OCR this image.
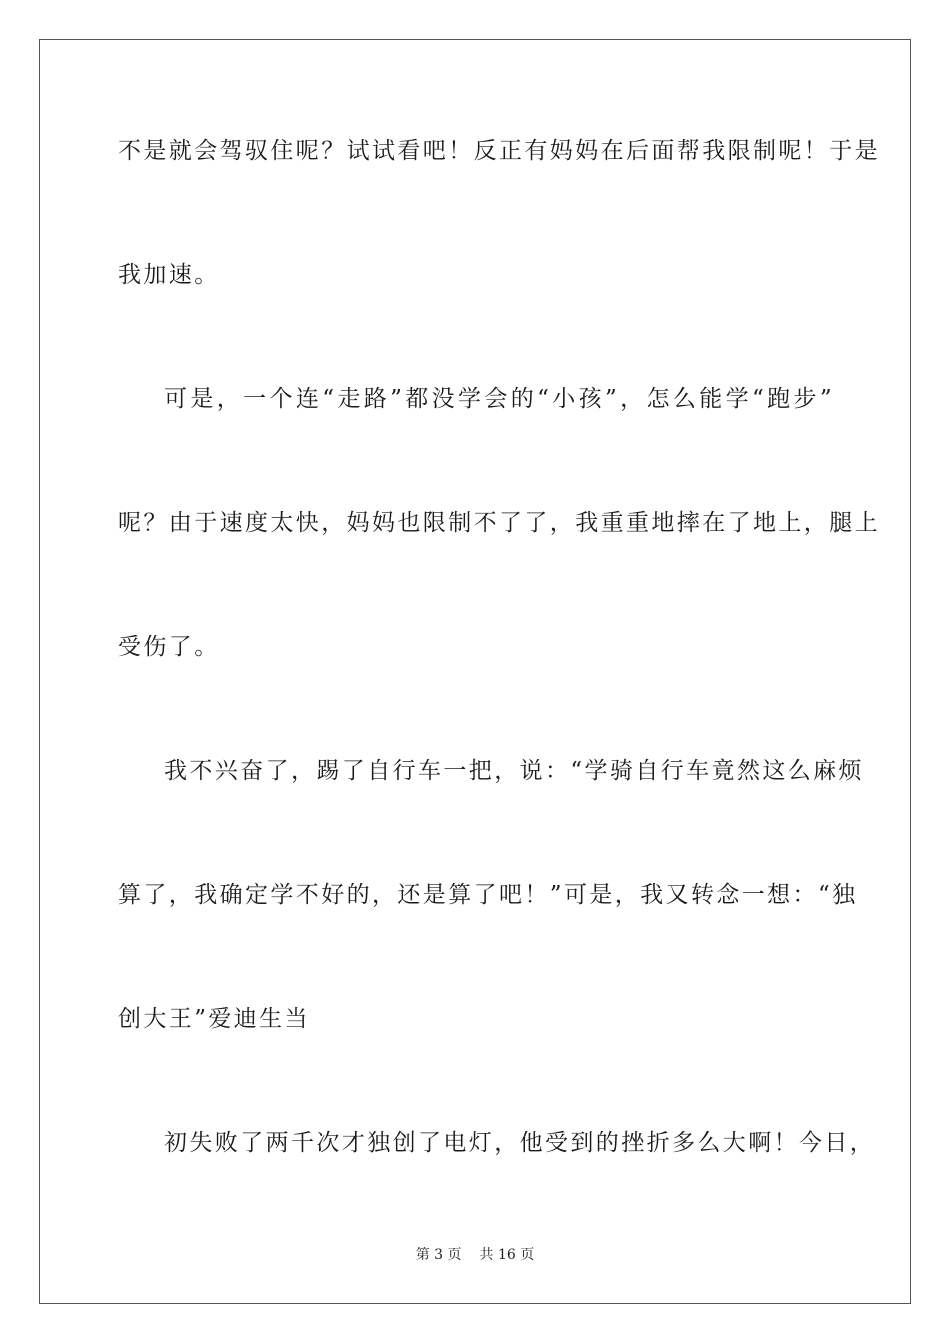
不是就会驾驭住呢？试试看吧！反正有妈妈在后面帮我限制呢！于是
我加速。
可是，一个连“走路”都没学会的“小孩”，怎么能学“跑步”
呢？由于速度太快，妈妈也限制不了了，我重重地摔在了地上，腿上
受伤了。
我不兴奋了，踢了自行车一把，说：“学骑自行车竟然这么麻烦
算了，我确定学不好的，还是算了吧！”可是，我又转念一想：“独
创大王”爱迪生当
初失败了两千次才独创了电灯，他受到的挫折多么大啊！今日，
第 3 页 共 16 页
